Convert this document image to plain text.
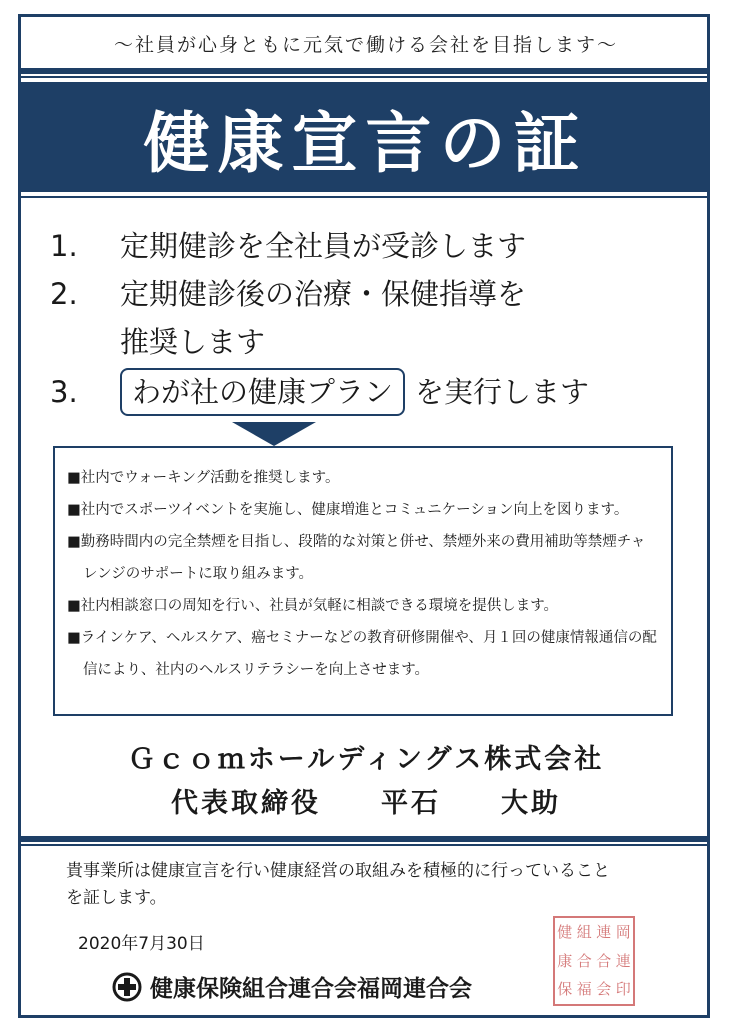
～社員が心身ともに元気で働ける会社を目指します～
健康宣言の証
1.	定期健診を全社員が受診します
2.	定期健診後の治療・保健指導を
推奨します
3.	わが社の健康プラン を実行します
■社内でウォーキング活動を推奨します。
■社内でスポーツイベントを実施し、健康増進とコミュニケーション向上を図ります。
■勤務時間内の完全禁煙を目指し、段階的な対策と併せ、禁煙外来の費用補助等禁煙チャレンジのサポートに取り組みます。
■社内相談窓口の周知を行い、社員が気軽に相談できる環境を提供します。
■ラインケア、ヘルスケア、癌セミナーなどの教育研修開催や、月１回の健康情報通信の配信により、社内のヘルスリテラシーを向上させます。
Ｇｃｏｍホールディングス株式会社
代表取締役　　平石　　大助
貴事業所は健康宣言を行い健康経営の取組みを積極的に行っていることを証します。
2020年7月30日
健康保険組合連合会福岡連合会
健 組 連 岡
康 合 合 連
保 福 会 印
